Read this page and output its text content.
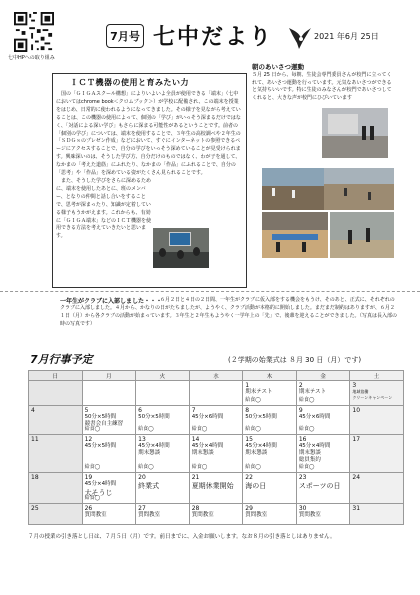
七中HPへの取り組み
7月号 七中だより	2021 年6月 25日
ＩＣＴ機器の使用と育みたい力

国の「ＧＩＧＡスクール構想」によりいよいよ全員が使用できる「端末」（七中においてはchrome book＜クロムブック＞）が学校に配備され、この端末を授業をはじめ、日常的に使われるようになってきました。その様子を見ながら考えていることは、この機器の使用によって、個別の「学び」がいっそう深まるだけではなく、「対話による深い学び」もさらに深まる可能性があるということです。前者の「個別の学び」については、端末を使用することで、３年生の高校調べや２年生の「ＳＤＧｓのプレゼン作成」などにおいて、すぐにインターネットの参照できるページにアクセスすることで、自分の学びをいっそう深めていることが見受けられます。興味深いのは、そうした学び方、自分だけのものではなく、わが子を通して、なかまの「考えた道筋」にふれたり、なかまの「作品」にふれることで、自分の「思考」や「作品」を深めている姿がたくさん見られることです。

また、そうした学びをさらに深めるために、端末を使用したあとに、班のメンバー、となりの仲間と話し合いをすることで、思考が深まったり、知識が定着している様子もうかがえます。これからも、有効に「ＧＩＧＡ端末」などのＩＣＴ機器を使用できる方法を考えていきたいと思います。

朝のあいさつ運動
５月 25 日から、毎朝、生徒会専門委員さんが校門に立ってくれて、あいさつ運動を行っています。元気なあいさつができると気持ちいいです。特に生徒のみなさんが校門であいさつしてくれると、大きな声が校門にひびいています
一年生がクラブに入部しました・・・
６月２日と４日の２日間、一年生がクラブに仮入部をする機会をもうけ、そのあと、正式に、それぞれのクラブに入部しました。４月から、かなりの日がたちましたが、ようやく、クラブ活動が本格的に開始しました。まだまだ制約はありますが、６月２１日（月）から各クラブの活動が始まっています。３年生と２年生もようやく一学年上の「先」で、後輩を迎えることができました。（写真は長入部の時の写真です）
7月行事予定	(２学期の始業式は ８月 30 日（月）です)
日	月	火	水	木	金	土

				1
期末テスト
給食◯	2
期末テスト
給食◯	3
地域協働
クリーンキャンペーン

4	5
50分×5時間
競書会自主練習
給食◯	6
50分×5時間
給食◯	7
45分×6時間
給食◯	8
50分×5時間
給食◯	9
45分×6時間
給食◯	10

11	12
45分×5時間
給食◯	13
45分×4時間
期末懇談
給食◯	14
45分×4時間
期末懇談
給食◯	15
45分×4時間
期末懇談
給食◯	16
45分×4時間
期末懇談
総員集約
給食◯	17

18	19
45分×4時間
大そうじ
給食◯	20
終業式	21
夏期休業開始	22
海の日	23
スポーツの日	24

25	26
質問教室	27
質問教室	28
質問教室	29
質問教室	30
質問教室	31
７月の授業の引き落とし日は、７月５日（月）です。前日までに、入金お願いします。なお８月の引き落としはありません。
